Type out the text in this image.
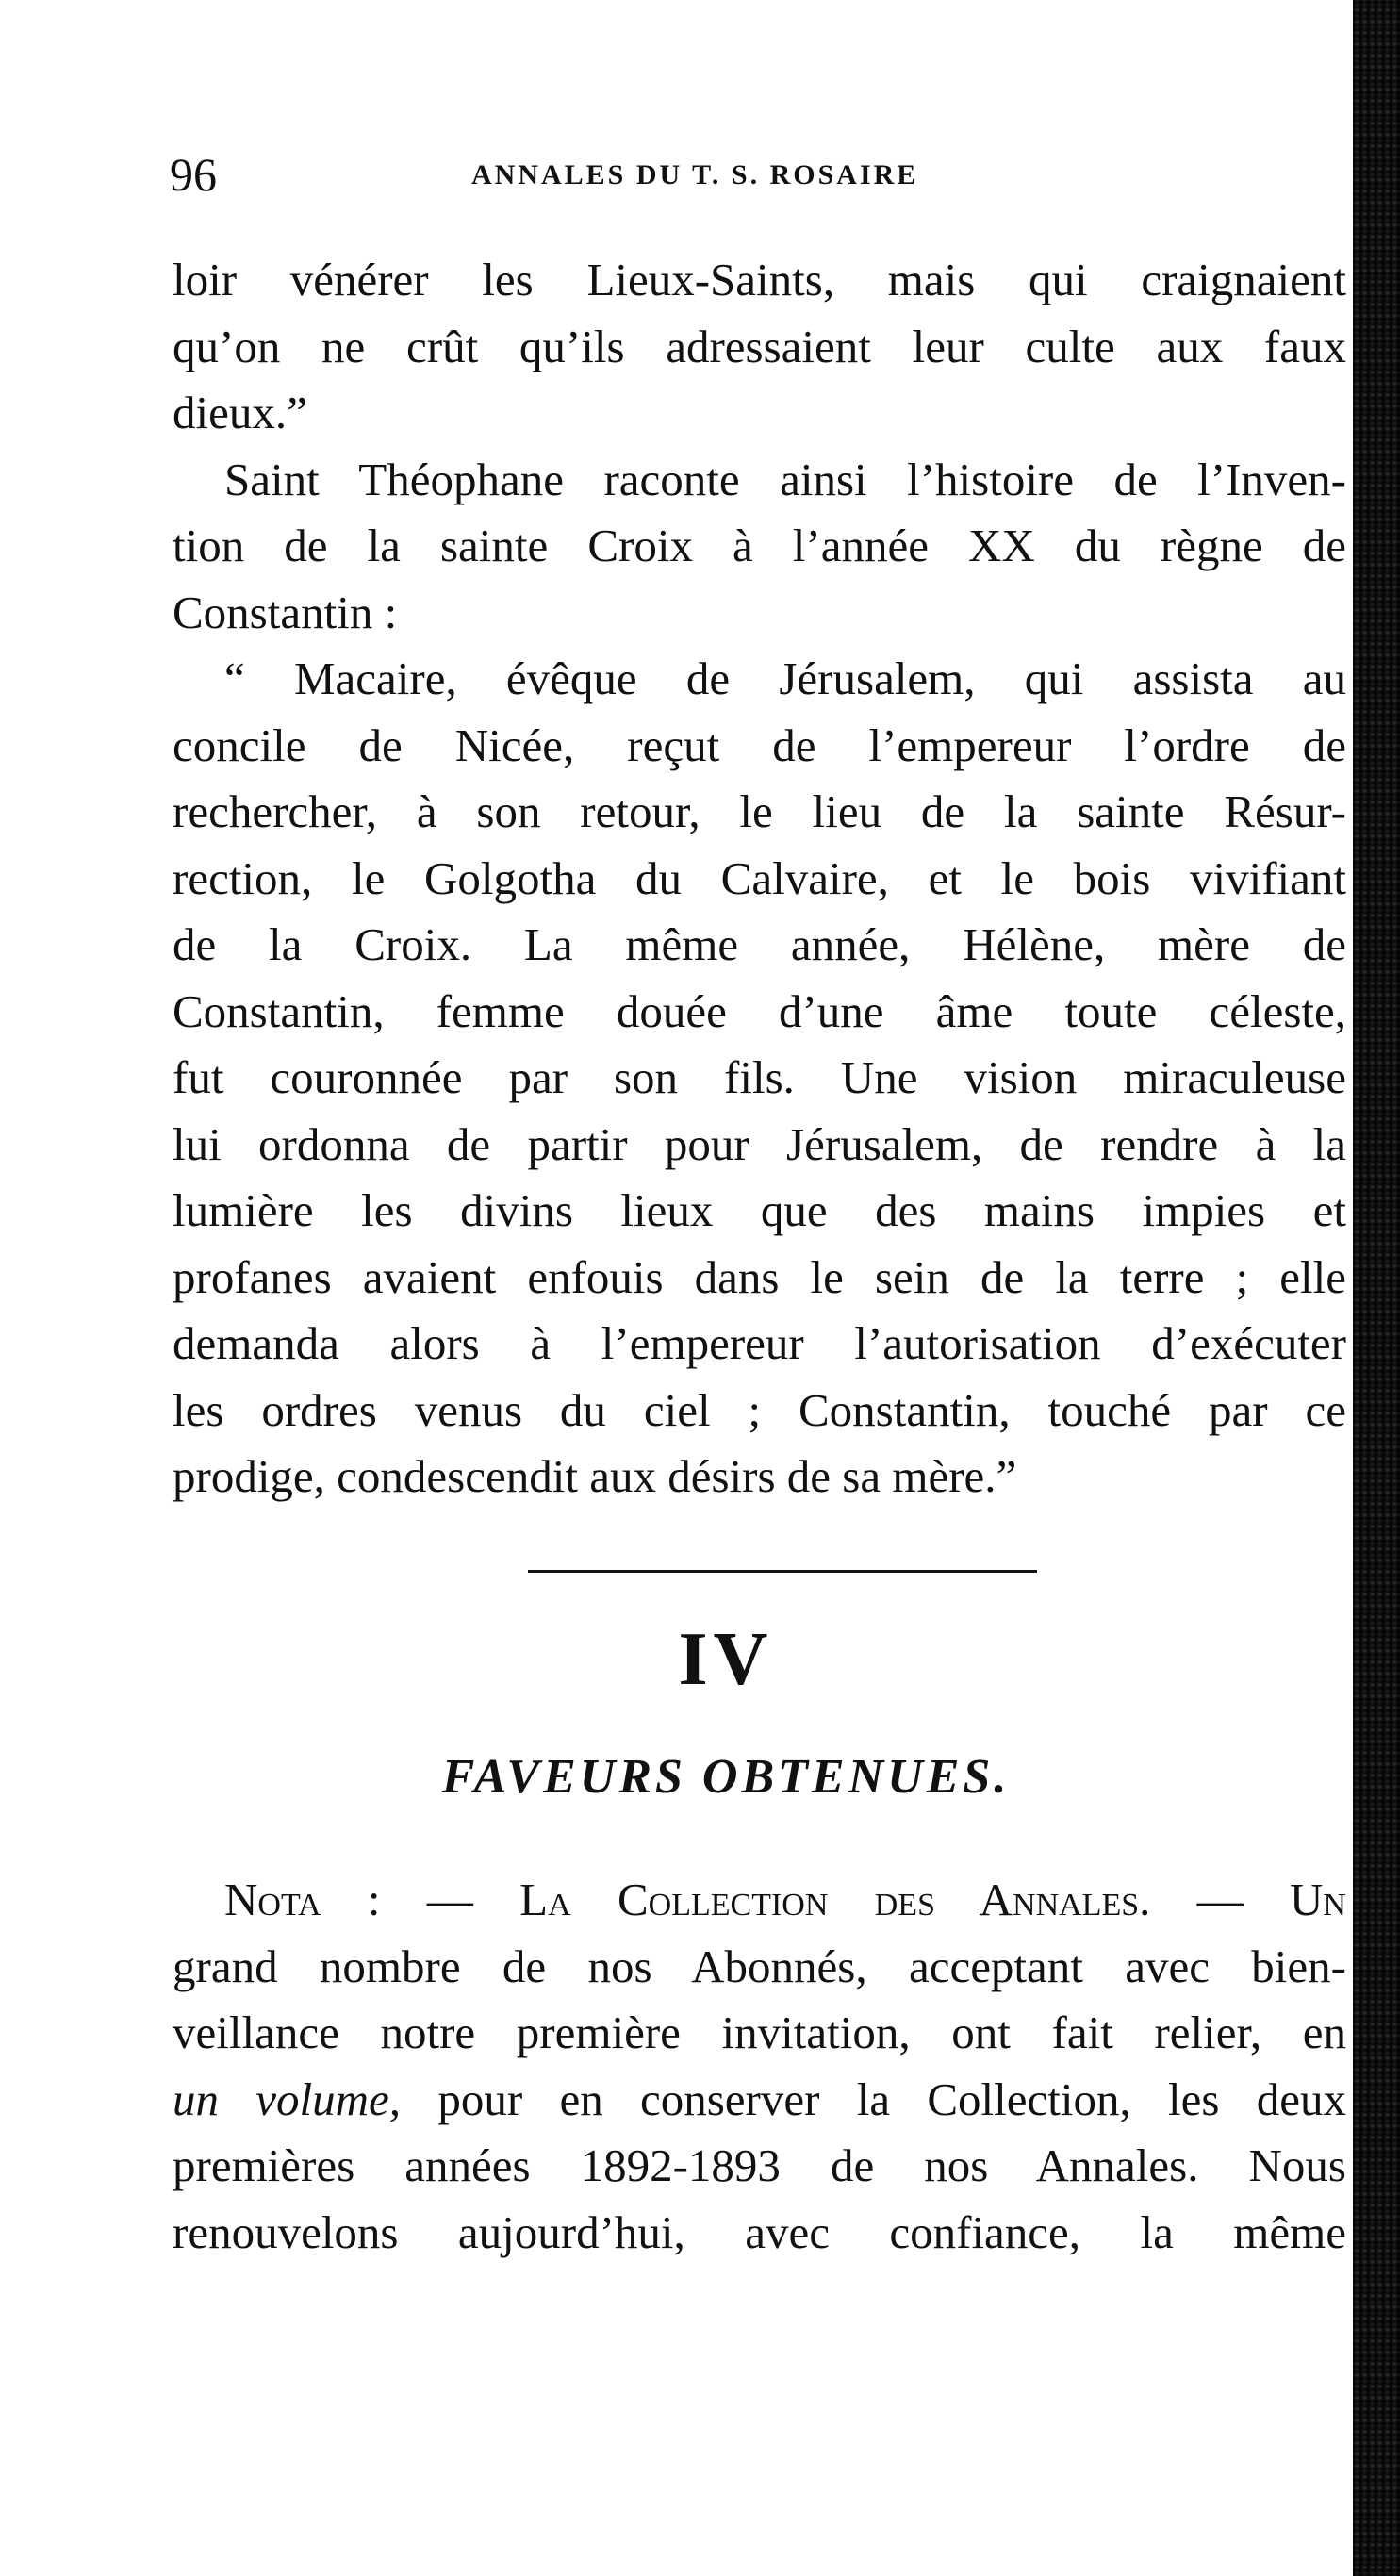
96	ANNALES DU T. S. ROSAIRE
loir vénérer les Lieux-Saints, mais qui craignaient
qu’on ne crût qu’ils adressaient leur culte aux faux
dieux.”
Saint Théophane raconte ainsi l’histoire de l’Inven-
tion de la sainte Croix à l’année XX du règne de
Constantin :
“ Macaire, évêque de Jérusalem, qui assista au
concile de Nicée, reçut de l’empereur l’ordre de
rechercher, à son retour, le lieu de la sainte Résur-
rection, le Golgotha du Calvaire, et le bois vivifiant
de la Croix. La même année, Hélène, mère de
Constantin, femme douée d’une âme toute céleste,
fut couronnée par son fils. Une vision miraculeuse
lui ordonna de partir pour Jérusalem, de rendre à la
lumière les divins lieux que des mains impies et
profanes avaient enfouis dans le sein de la terre ; elle
demanda alors à l’empereur l’autorisation d’exécuter
les ordres venus du ciel ; Constantin, touché par ce
prodige, condescendit aux désirs de sa mère.”
IV
FAVEURS OBTENUES.
Nota : — La Collection des Annales. — Un
grand nombre de nos Abonnés, acceptant avec bien-
veillance notre première invitation, ont fait relier, en
un volume, pour en conserver la Collection, les deux
premières années 1892-1893 de nos Annales. Nous
renouvelons aujourd’hui, avec confiance, la même
